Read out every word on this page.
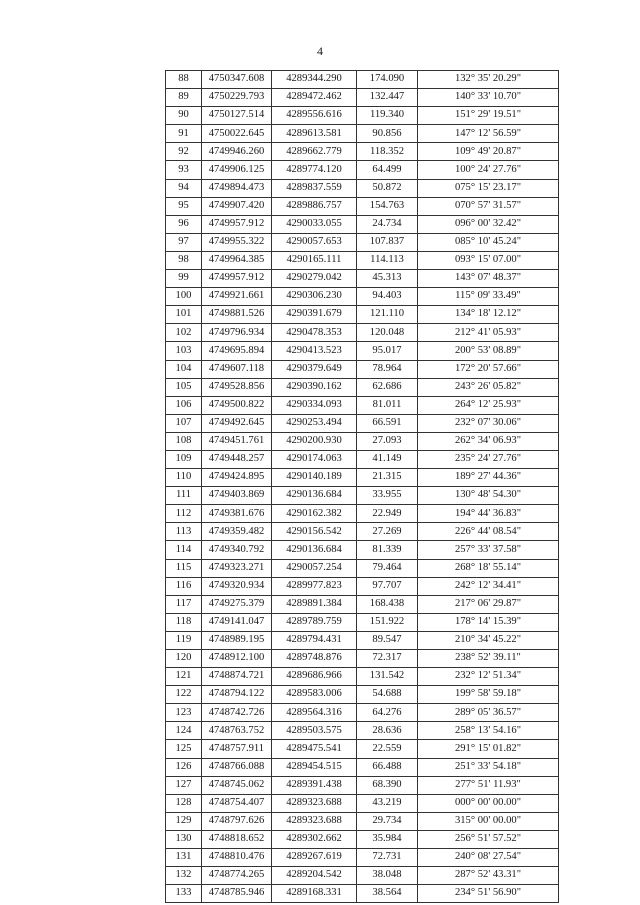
4
88	4750347.608	4289344.290	174.090	132° 35' 20.29"
89	4750229.793	4289472.462	132.447	140° 33' 10.70"
90	4750127.514	4289556.616	119.340	151° 29' 19.51"
91	4750022.645	4289613.581	90.856	147° 12' 56.59"
92	4749946.260	4289662.779	118.352	109° 49' 20.87"
93	4749906.125	4289774.120	64.499	100° 24' 27.76"
94	4749894.473	4289837.559	50.872	075° 15' 23.17"
95	4749907.420	4289886.757	154.763	070° 57' 31.57"
96	4749957.912	4290033.055	24.734	096° 00' 32.42"
97	4749955.322	4290057.653	107.837	085° 10' 45.24"
98	4749964.385	4290165.111	114.113	093° 15' 07.00"
99	4749957.912	4290279.042	45.313	143° 07' 48.37"
100	4749921.661	4290306.230	94.403	115° 09' 33.49"
101	4749881.526	4290391.679	121.110	134° 18' 12.12"
102	4749796.934	4290478.353	120.048	212° 41' 05.93"
103	4749695.894	4290413.523	95.017	200° 53' 08.89"
104	4749607.118	4290379.649	78.964	172° 20' 57.66"
105	4749528.856	4290390.162	62.686	243° 26' 05.82"
106	4749500.822	4290334.093	81.011	264° 12' 25.93"
107	4749492.645	4290253.494	66.591	232° 07' 30.06"
108	4749451.761	4290200.930	27.093	262° 34' 06.93"
109	4749448.257	4290174.063	41.149	235° 24' 27.76"
110	4749424.895	4290140.189	21.315	189° 27' 44.36"
111	4749403.869	4290136.684	33.955	130° 48' 54.30"
112	4749381.676	4290162.382	22.949	194° 44' 36.83"
113	4749359.482	4290156.542	27.269	226° 44' 08.54"
114	4749340.792	4290136.684	81.339	257° 33' 37.58"
115	4749323.271	4290057.254	79.464	268° 18' 55.14"
116	4749320.934	4289977.823	97.707	242° 12' 34.41"
117	4749275.379	4289891.384	168.438	217° 06' 29.87"
118	4749141.047	4289789.759	151.922	178° 14' 15.39"
119	4748989.195	4289794.431	89.547	210° 34' 45.22"
120	4748912.100	4289748.876	72.317	238° 52' 39.11"
121	4748874.721	4289686.966	131.542	232° 12' 51.34"
122	4748794.122	4289583.006	54.688	199° 58' 59.18"
123	4748742.726	4289564.316	64.276	289° 05' 36.57"
124	4748763.752	4289503.575	28.636	258° 13' 54.16"
125	4748757.911	4289475.541	22.559	291° 15' 01.82"
126	4748766.088	4289454.515	66.488	251° 33' 54.18"
127	4748745.062	4289391.438	68.390	277° 51' 11.93"
128	4748754.407	4289323.688	43.219	000° 00' 00.00"
129	4748797.626	4289323.688	29.734	315° 00' 00.00"
130	4748818.652	4289302.662	35.984	256° 51' 57.52"
131	4748810.476	4289267.619	72.731	240° 08' 27.54"
132	4748774.265	4289204.542	38.048	287° 52' 43.31"
133	4748785.946	4289168.331	38.564	234° 51' 56.90"
